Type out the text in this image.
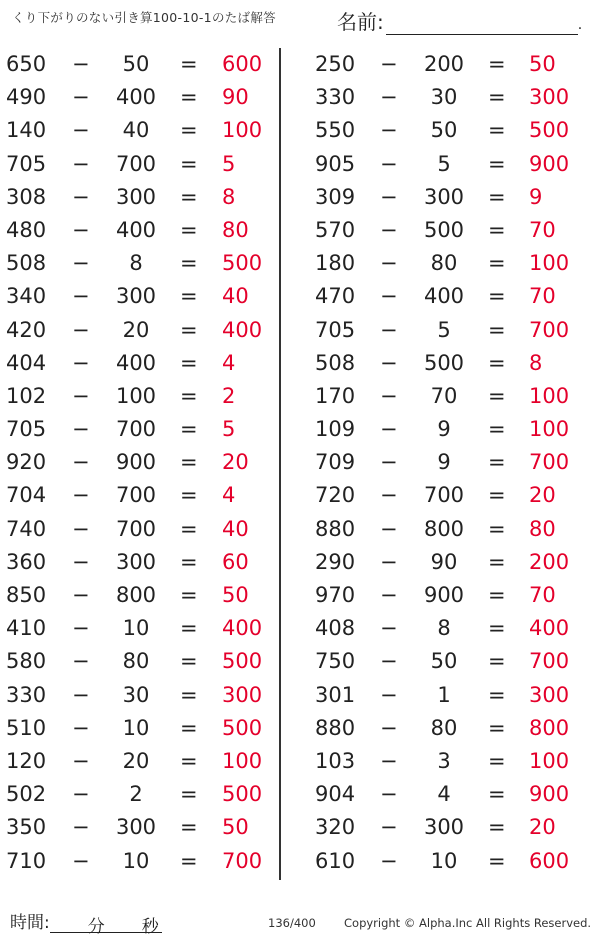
くり下がりのない引き算100-10-1のたば解答	名前:	.
650 −	50	= 600
490 −	400	= 90
140 −	40	= 100
705 −	700	= 5
308 −	300	= 8
480 −	400	= 80
508 −	8	= 500
340 −	300	= 40
420 −	20	= 400
404 −	400	= 4
102 −	100	= 2
705 −	700	= 5
920 −	900	= 20
704 −	700	= 4
740 −	700	= 40
360 −	300	= 60
850 −	800	= 50
410 −	10	= 400
580 −	80	= 500
330 −	30	= 300
510 −	10	= 500
120 −	20	= 100
502 −	2	= 500
350 −	300	= 50
710 −	10	= 700
250 −	200	= 50
330 −	30	= 300
550 −	50	= 500
905 −	5	= 900
309 −	300	= 9
570 −	500	= 70
180 −	80	= 100
470 −	400	= 70
705 −	5	= 700
508 −	500	= 8
170 −	70	= 100
109 −	9	= 100
709 −	9	= 700
720 −	700	= 20
880 −	800	= 80
290 −	90	= 200
970 −	900	= 70
408 −	8	= 400
750 −	50	= 700
301 −	1	= 300
880 −	80	= 800
103 −	3	= 100
904 −	4	= 900
320 −	300	= 20
610 −	10	= 600
時間: 分 秒	136/400 Copyright © Alpha.Inc All Rights Reserved.
